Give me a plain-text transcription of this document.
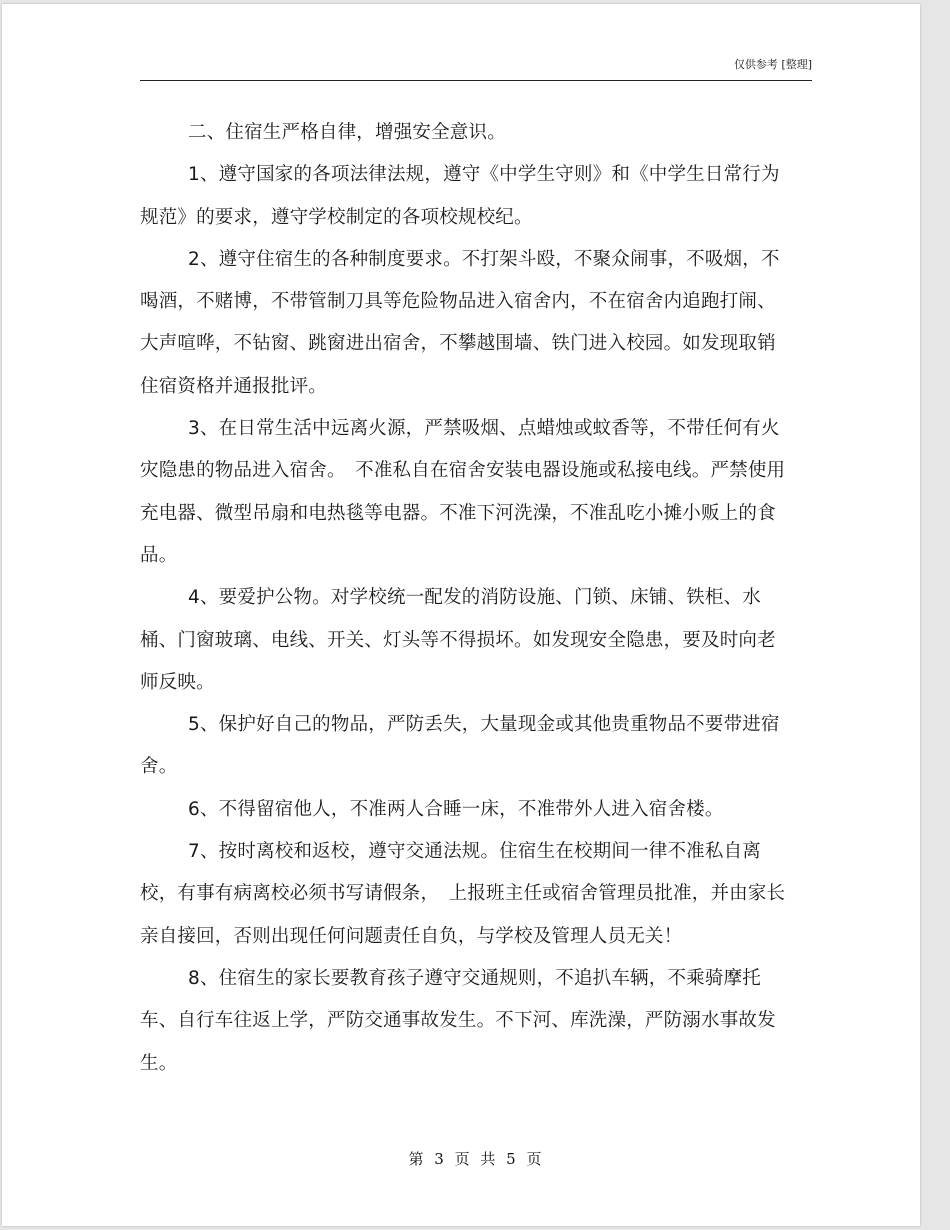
仅供参考 [整理]

二、住宿生严格自律，增强安全意识。

1、遵守国家的各项法律法规，遵守《中学生守则》和《中学生日常行为规范》的要求，遵守学校制定的各项校规校纪。

2、遵守住宿生的各种制度要求。不打架斗殴，不聚众闹事，不吸烟，不喝酒，不赌博，不带管制刀具等危险物品进入宿舍内，不在宿舍内追跑打闹、大声喧哗，不钻窗、跳窗进出宿舍，不攀越围墙、铁门进入校园。如发现取销住宿资格并通报批评。

3、在日常生活中远离火源，严禁吸烟、点蜡烛或蚊香等，不带任何有火灾隐患的物品进入宿舍。　不准私自在宿舍安装电器设施或私接电线。严禁使用充电器、微型吊扇和电热毯等电器。不准下河洗澡，不准乱吃小摊小贩上的食品。

4、要爱护公物。对学校统一配发的消防设施、门锁、床铺、铁柜、水桶、门窗玻璃、电线、开关、灯头等不得损坏。如发现安全隐患，要及时向老师反映。

5、保护好自己的物品，严防丢失，大量现金或其他贵重物品不要带进宿舍。

6、不得留宿他人，不准两人合睡一床，不准带外人进入宿舍楼。

7、按时离校和返校，遵守交通法规。住宿生在校期间一律不准私自离校，有事有病离校必须书写请假条，　上报班主任或宿舍管理员批准，并由家长亲自接回，否则出现任何问题责任自负，与学校及管理人员无关！

8、住宿生的家长要教育孩子遵守交通规则，不追扒车辆，不乘骑摩托车、自行车往返上学，严防交通事故发生。不下河、库洗澡，严防溺水事故发生。

第 3 页 共 5 页
